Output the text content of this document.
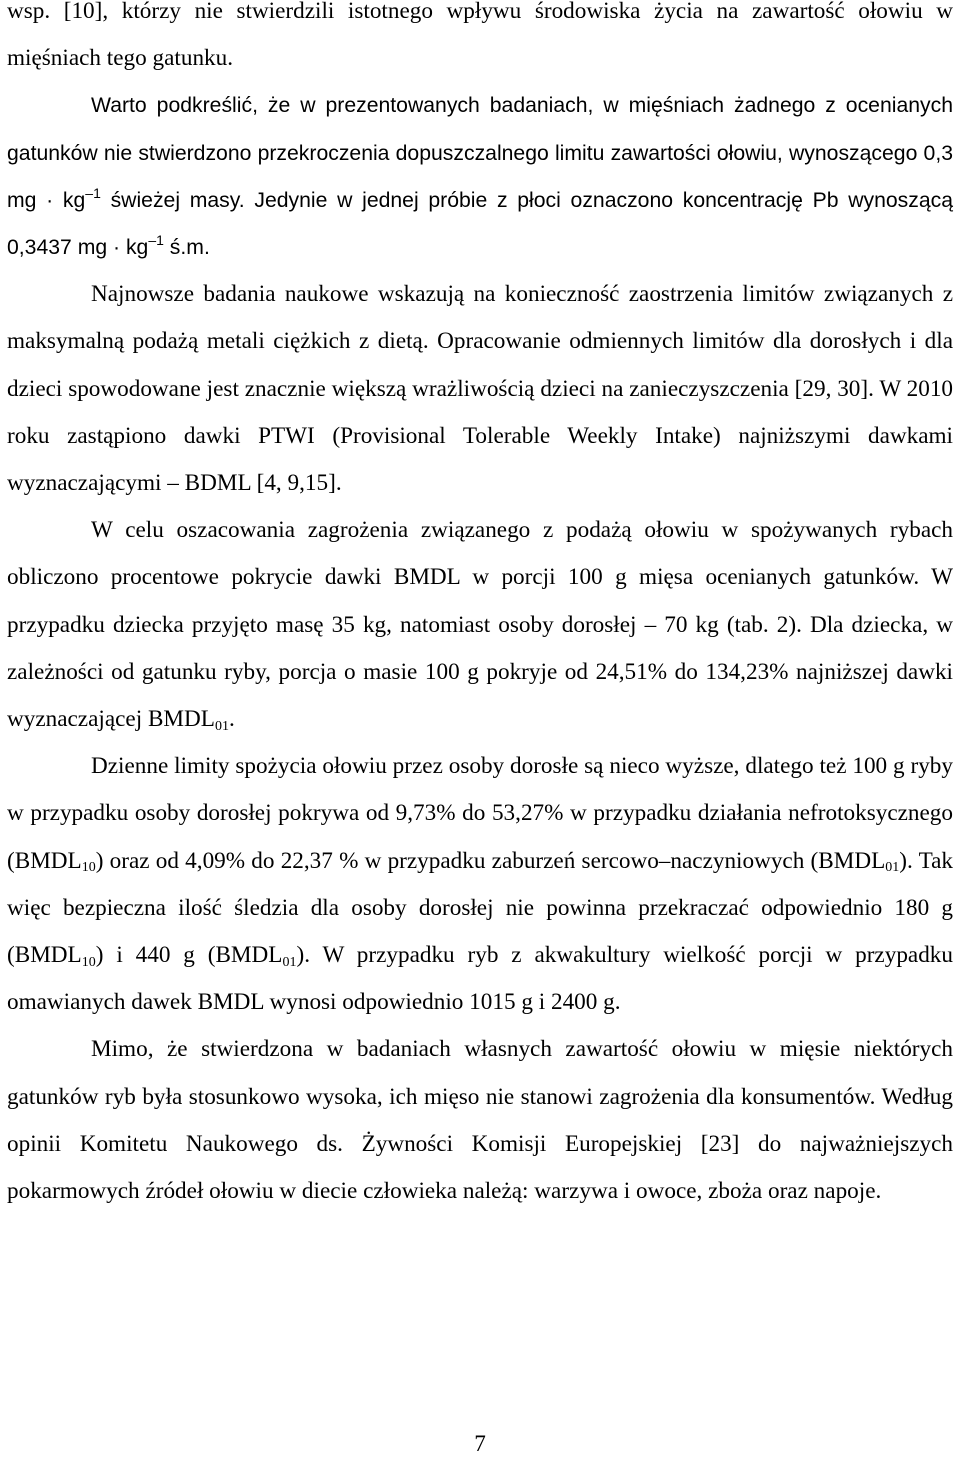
wsp. [10], którzy nie stwierdzili istotnego wpływu środowiska życia na zawartość ołowiu w mięśniach tego gatunku.

Warto podkreślić, że w prezentowanych badaniach, w mięśniach żadnego z ocenianych gatunków nie stwierdzono przekroczenia dopuszczalnego limitu zawartości ołowiu, wynoszącego 0,3 mg · $kg^{-1}$ świeżej masy. Jedynie w jednej próbie z płoci oznaczono koncentrację Pb wynoszącą 0,3437 mg · $kg^{-1}$ ś.m.

Najnowsze badania naukowe wskazują na konieczność zaostrzenia limitów związanych z maksymalną podażą metali ciężkich z dietą. Opracowanie odmiennych limitów dla dorosłych i dla dzieci spowodowane jest znacznie większą wrażliwością dzieci na zanieczyszczenia [29, 30]. W 2010 roku zastąpiono dawki PTWI (Provisional Tolerable Weekly Intake) najniższymi dawkami wyznaczającymi – BDML [4, 9,15].

W celu oszacowania zagrożenia związanego z podażą ołowiu w spożywanych rybach obliczono procentowe pokrycie dawki BMDL w porcji 100 g mięsa ocenianych gatunków. W przypadku dziecka przyjęto masę 35 kg, natomiast osoby dorosłej – 70 kg (tab. 2). Dla dziecka, w zależności od gatunku ryby, porcja o masie 100 g pokryje od 24,51% do 134,23% najniższej dawki wyznaczającej $BMDL_{01}$.

Dzienne limity spożycia ołowiu przez osoby dorosłe są nieco wyższe, dlatego też 100 g ryby w przypadku osoby dorosłej pokrywa od 9,73% do 53,27% w przypadku działania nefrotoksycznego $(BMDL_{10})$ oraz od 4,09% do 22,37 % w przypadku zaburzeń sercowo–naczyniowych $(BMDL_{01})$. Tak więc bezpieczna ilość śledzia dla osoby dorosłej nie powinna przekraczać odpowiednio 180 g $(BMDL_{10})$ i 440 g $(BMDL_{01})$. W przypadku ryb z akwakultury wielkość porcji w przypadku omawianych dawek BMDL wynosi odpowiednio 1015 g i 2400 g.

Mimo, że stwierdzona w badaniach własnych zawartość ołowiu w mięsie niektórych gatunków ryb była stosunkowo wysoka, ich mięso nie stanowi zagrożenia dla konsumentów. Według opinii Komitetu Naukowego ds. Żywności Komisji Europejskiej [23] do najważniejszych pokarmowych źródeł ołowiu w diecie człowieka należą: warzywa i owoce, zboża oraz napoje.

7
